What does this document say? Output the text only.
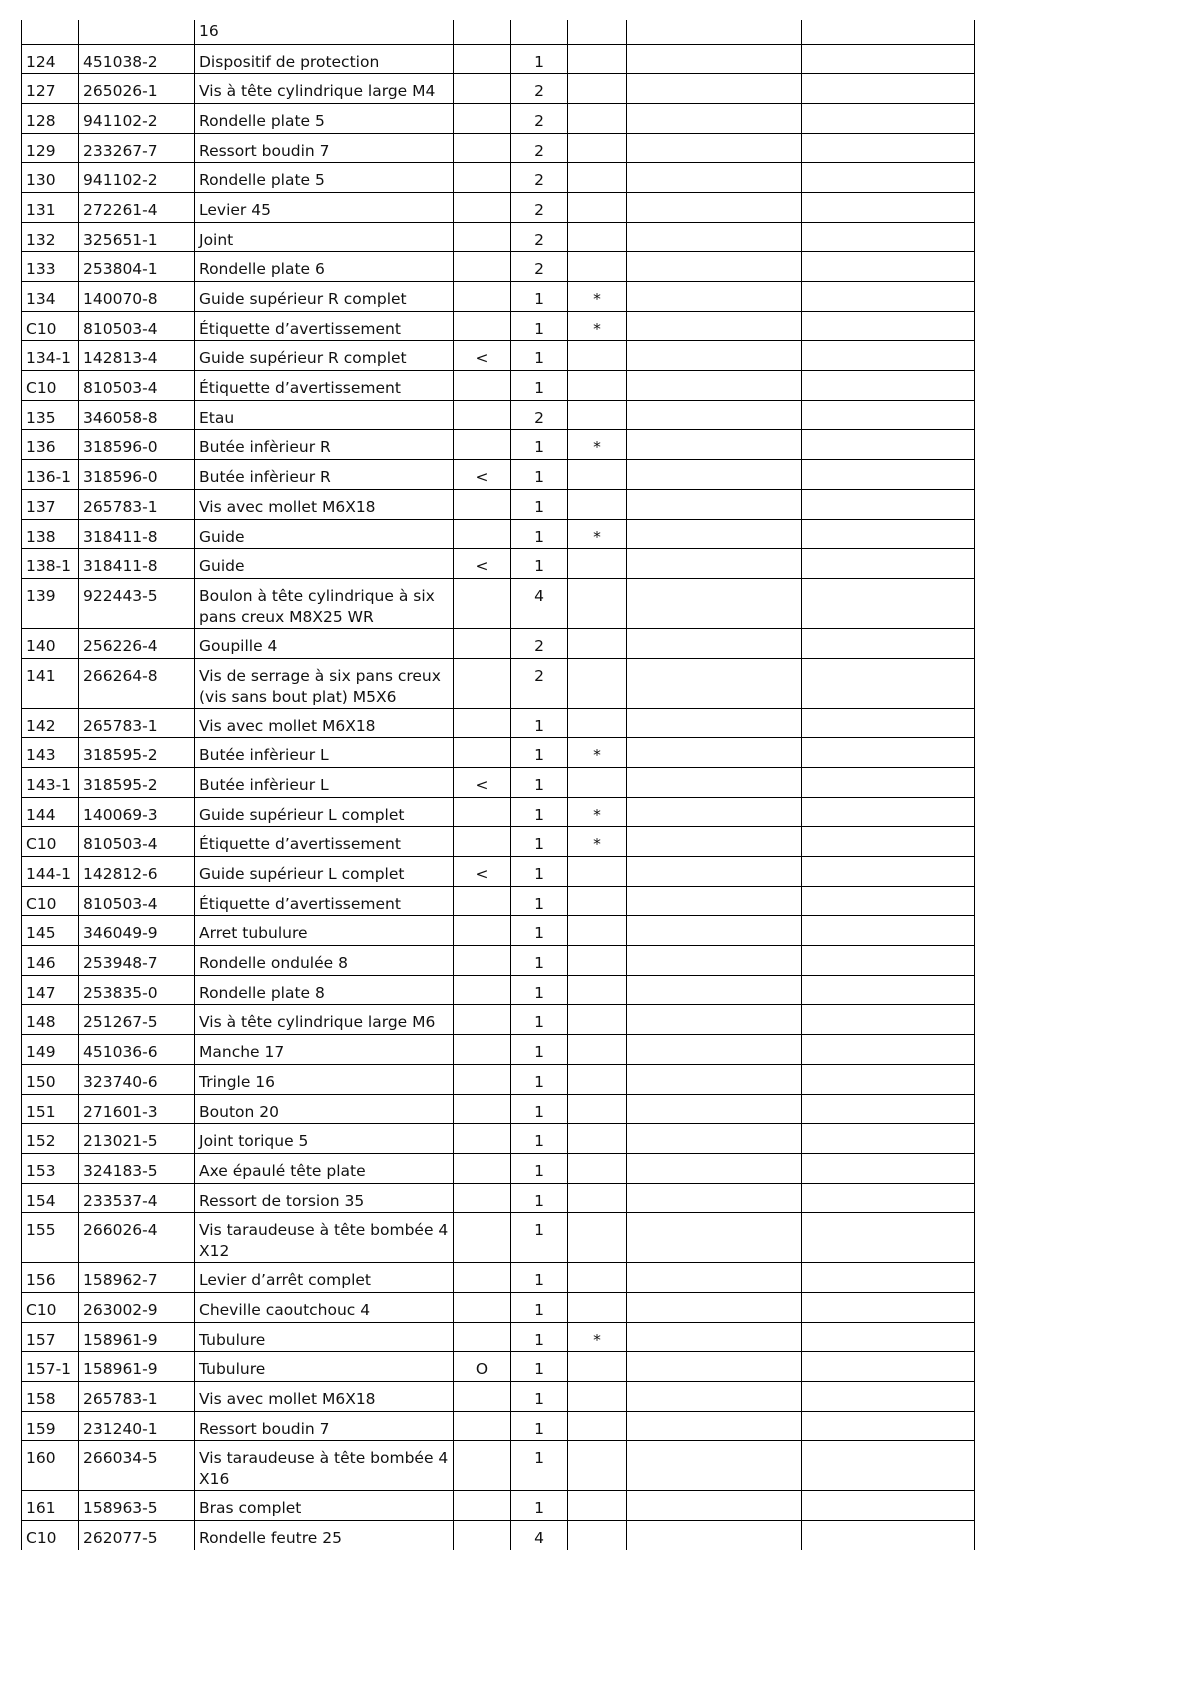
		16					
124	451038-2	Dispositif de protection		1			
127	265026-1	Vis à tête cylindrique large M4		2			
128	941102-2	Rondelle plate 5		2			
129	233267-7	Ressort boudin 7		2			
130	941102-2	Rondelle plate 5		2			
131	272261-4	Levier 45		2			
132	325651-1	Joint		2			
133	253804-1	Rondelle plate 6		2			
134	140070-8	Guide supérieur R complet		1	*		
C10	810503-4	Étiquette d’avertissement		1	*		
134-1	142813-4	Guide supérieur R complet	<	1			
C10	810503-4	Étiquette d’avertissement		1			
135	346058-8	Etau		2			
136	318596-0	Butée infèrieur R		1	*		
136-1	318596-0	Butée infèrieur R	<	1			
137	265783-1	Vis avec mollet M6X18		1			
138	318411-8	Guide		1	*		
138-1	318411-8	Guide	<	1			
139	922443-5	Boulon à tête cylindrique à six pans creux M8X25 WR		4			
140	256226-4	Goupille 4		2			
141	266264-8	Vis de serrage à six pans creux (vis sans bout plat) M5X6		2			
142	265783-1	Vis avec mollet M6X18		1			
143	318595-2	Butée infèrieur L		1	*		
143-1	318595-2	Butée infèrieur L	<	1			
144	140069-3	Guide supérieur L complet		1	*		
C10	810503-4	Étiquette d’avertissement		1	*		
144-1	142812-6	Guide supérieur L complet	<	1			
C10	810503-4	Étiquette d’avertissement		1			
145	346049-9	Arret tubulure		1			
146	253948-7	Rondelle ondulée 8		1			
147	253835-0	Rondelle plate 8		1			
148	251267-5	Vis à tête cylindrique large M6		1			
149	451036-6	Manche 17		1			
150	323740-6	Tringle 16		1			
151	271601-3	Bouton 20		1			
152	213021-5	Joint torique 5		1			
153	324183-5	Axe épaulé tête plate		1			
154	233537-4	Ressort de torsion 35		1			
155	266026-4	Vis taraudeuse à tête bombée 4X12		1			
156	158962-7	Levier d’arrêt complet		1			
C10	263002-9	Cheville caoutchouc 4		1			
157	158961-9	Tubulure		1	*		
157-1	158961-9	Tubulure	O	1			
158	265783-1	Vis avec mollet M6X18		1			
159	231240-1	Ressort boudin 7		1			
160	266034-5	Vis taraudeuse à tête bombée 4X16		1			
161	158963-5	Bras complet		1			
C10	262077-5	Rondelle feutre 25		4			
